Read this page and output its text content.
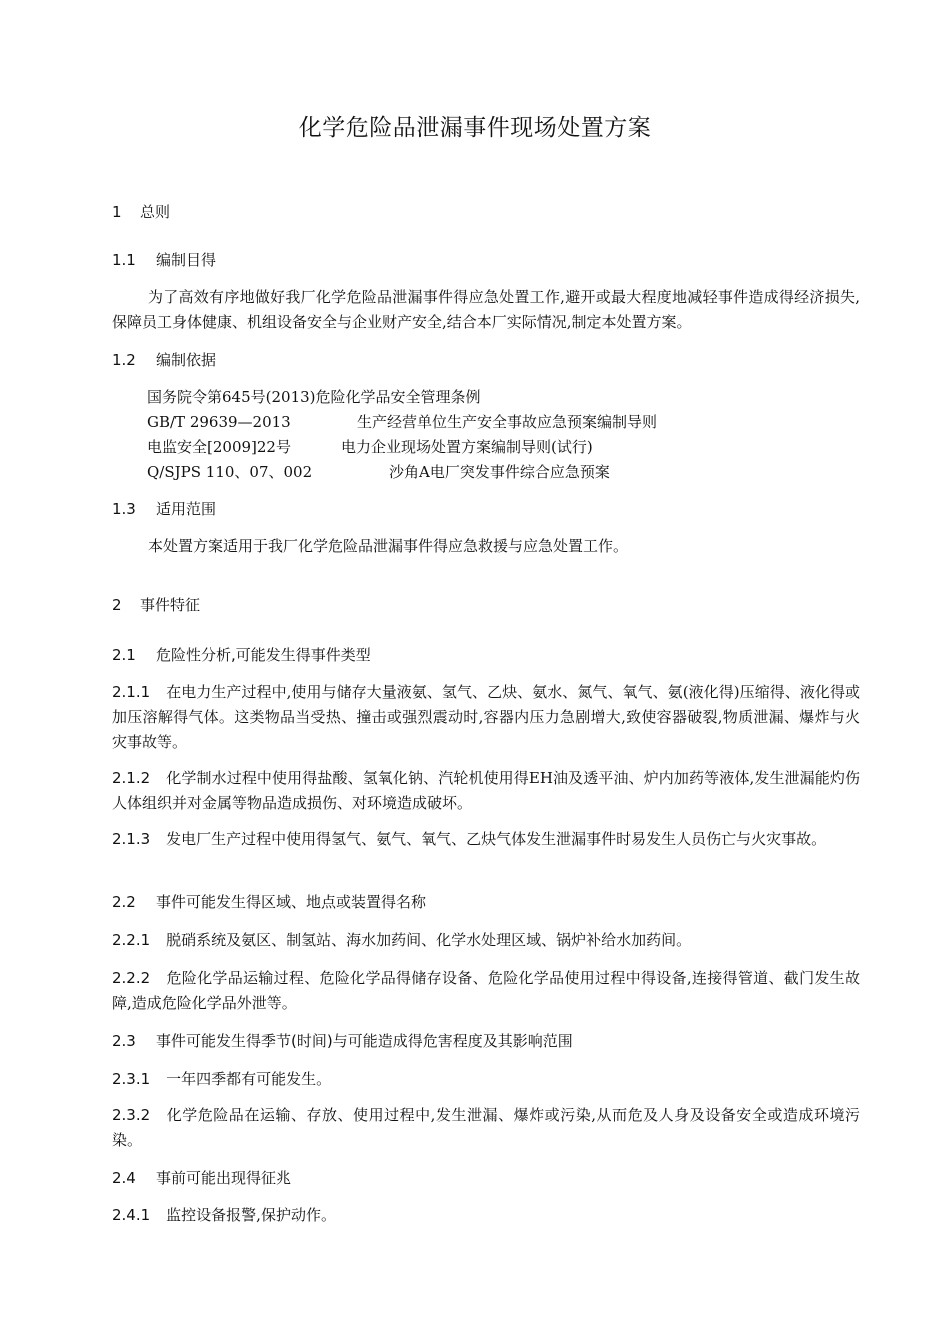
化学危险品泄漏事件现场处置方案
1 总则
1.1 编制目得
为了高效有序地做好我厂化学危险品泄漏事件得应急处置工作,避开或最大程度地减轻事件造成得经济损失,保障员工身体健康、机组设备安全与企业财产安全,结合本厂实际情况,制定本处置方案。
1.2 编制依据
国务院令第645号(2013)危险化学品安全管理条例
GB/T 29639—2013	生产经营单位生产安全事故应急预案编制导则
电监安全[2009]22号	电力企业现场处置方案编制导则(试行)
Q/SJPS 110、07、002	沙角A电厂突发事件综合应急预案
1.3 适用范围
本处置方案适用于我厂化学危险品泄漏事件得应急救援与应急处置工作。
2 事件特征
2.1 危险性分析,可能发生得事件类型
2.1.1 在电力生产过程中,使用与储存大量液氨、氢气、乙炔、氨水、氮气、氧气、氨(液化得)压缩得、液化得或加压溶解得气体。这类物品当受热、撞击或强烈震动时,容器内压力急剧增大,致使容器破裂,物质泄漏、爆炸与火灾事故等。
2.1.2 化学制水过程中使用得盐酸、氢氧化钠、汽轮机使用得EH油及透平油、炉内加药等液体,发生泄漏能灼伤人体组织并对金属等物品造成损伤、对环境造成破坏。
2.1.3 发电厂生产过程中使用得氢气、氨气、氧气、乙炔气体发生泄漏事件时易发生人员伤亡与火灾事故。
2.2 事件可能发生得区域、地点或装置得名称
2.2.1 脱硝系统及氨区、制氢站、海水加药间、化学水处理区域、锅炉补给水加药间。
2.2.2 危险化学品运输过程、危险化学品得储存设备、危险化学品使用过程中得设备,连接得管道、截门发生故障,造成危险化学品外泄等。
2.3 事件可能发生得季节(时间)与可能造成得危害程度及其影响范围
2.3.1 一年四季都有可能发生。
2.3.2 化学危险品在运输、存放、使用过程中,发生泄漏、爆炸或污染,从而危及人身及设备安全或造成环境污染。
2.4 事前可能出现得征兆
2.4.1 监控设备报警,保护动作。
